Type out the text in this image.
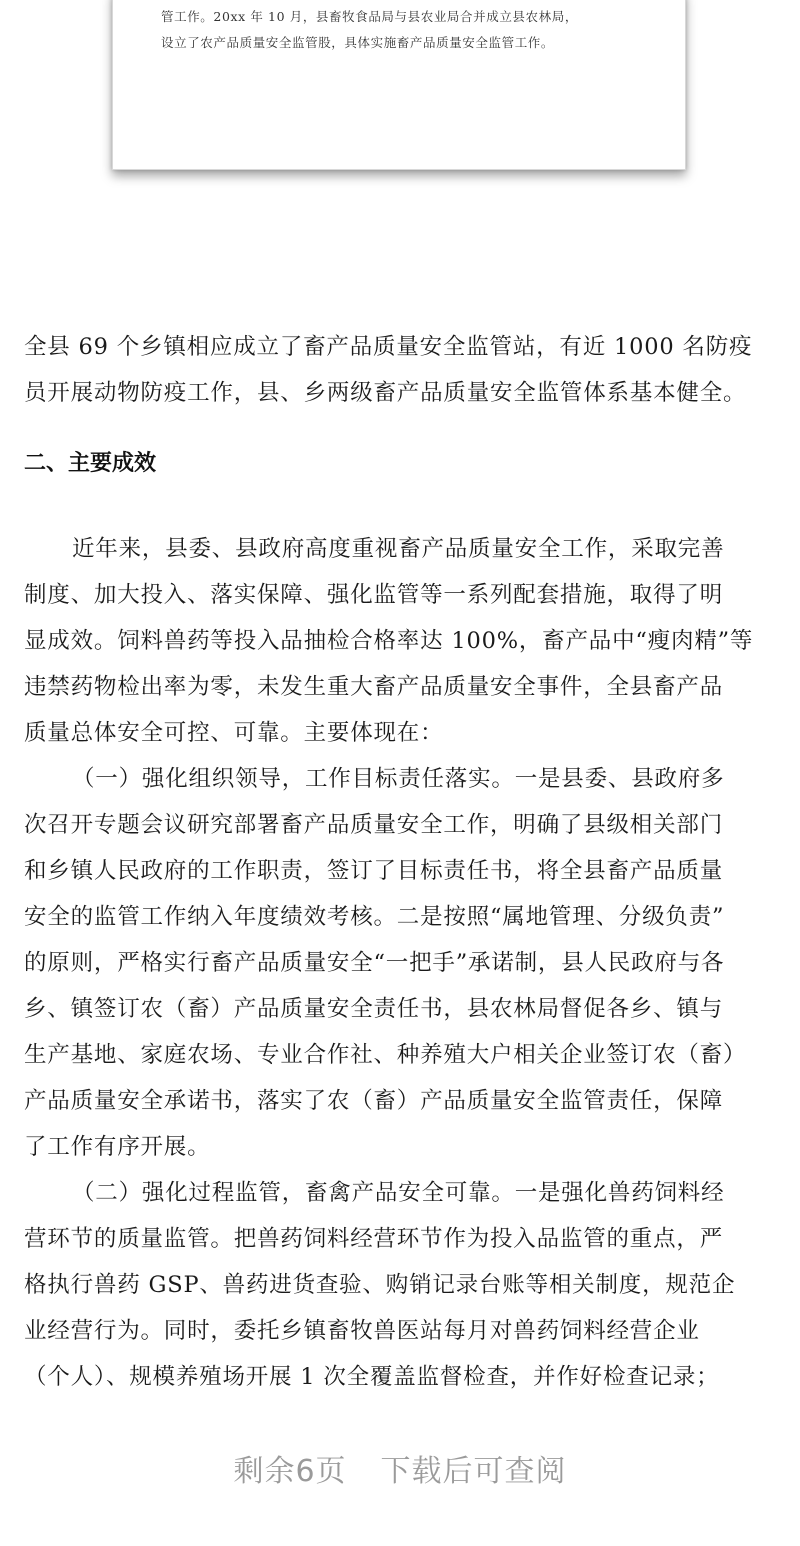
管工作。20xx 年 10 月，县畜牧食品局与县农业局合并成立县农林局，
设立了农产品质量安全监管股，具体实施畜产品质量安全监管工作。
全县 69 个乡镇相应成立了畜产品质量安全监管站，有近 1000 名防疫
员开展动物防疫工作，县、乡两级畜产品质量安全监管体系基本健全。
二、主要成效
近年来，县委、县政府高度重视畜产品质量安全工作，采取完善
制度、加大投入、落实保障、强化监管等一系列配套措施，取得了明
显成效。饲料兽药等投入品抽检合格率达 100%，畜产品中“瘦肉精”等
违禁药物检出率为零，未发生重大畜产品质量安全事件，全县畜产品
质量总体安全可控、可靠。主要体现在：
（一）强化组织领导，工作目标责任落实。一是县委、县政府多
次召开专题会议研究部署畜产品质量安全工作，明确了县级相关部门
和乡镇人民政府的工作职责，签订了目标责任书，将全县畜产品质量
安全的监管工作纳入年度绩效考核。二是按照“属地管理、分级负责”
的原则，严格实行畜产品质量安全“一把手”承诺制，县人民政府与各
乡、镇签订农（畜）产品质量安全责任书，县农林局督促各乡、镇与
生产基地、家庭农场、专业合作社、种养殖大户相关企业签订农（畜）
产品质量安全承诺书，落实了农（畜）产品质量安全监管责任，保障
了工作有序开展。
（二）强化过程监管，畜禽产品安全可靠。一是强化兽药饲料经
营环节的质量监管。把兽药饲料经营环节作为投入品监管的重点，严
格执行兽药 GSP、兽药进货查验、购销记录台账等相关制度，规范企
业经营行为。同时，委托乡镇畜牧兽医站每月对兽药饲料经营企业
（个人）、规模养殖场开展 1 次全覆盖监督检查，并作好检查记录；
剩余6页 下载后可查阅
